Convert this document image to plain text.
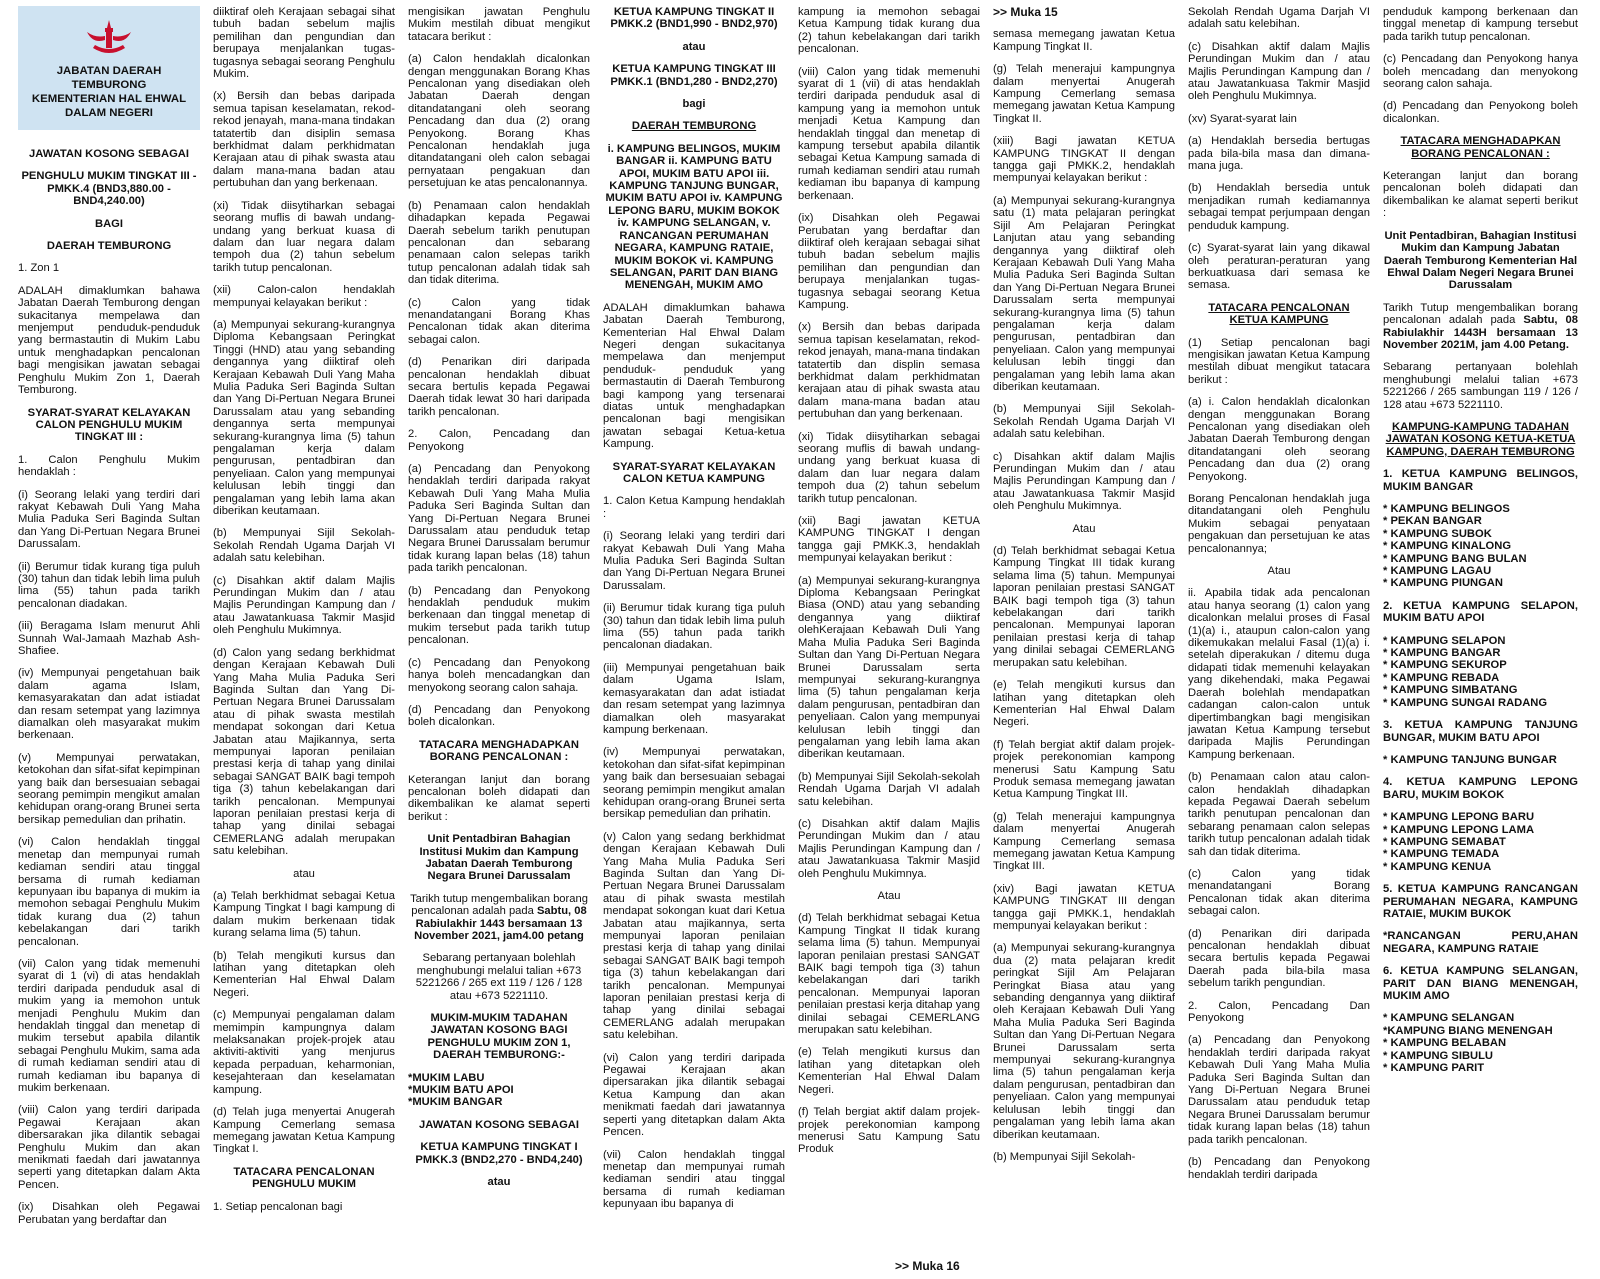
JABATAN DAERAH
TEMBURONG
KEMENTERIAN HAL EHWAL
DALAM NEGERI

JAWATAN KOSONG SEBAGAI

PENGHULU MUKIM TINGKAT III - PMKK.4 (BND3,880.00 - BND4,240.00)

BAGI

DAERAH TEMBURONG

1. Zon 1

ADALAH dimaklumkan bahawa Jabatan Daerah Temburong dengan sukacitanya mempelawa dan menjemput penduduk-penduduk yang bermastautin di Mukim Labu untuk menghadapkan pencalonan bagi mengisikan jawatan sebagai Penghulu Mukim Zon 1, Daerah Temburong.

SYARAT-SYARAT KELAYAKAN CALON PENGHULU MUKIM TINGKAT III :

1. Calon Penghulu Mukim hendaklah :

(i) Seorang lelaki yang terdiri dari rakyat Kebawah Duli Yang Maha Mulia Paduka Seri Baginda Sultan dan Yang Di-Pertuan Negara Brunei Darussalam.

(ii) Berumur tidak kurang tiga puluh (30) tahun dan tidak lebih lima puluh lima (55) tahun pada tarikh pencalonan diadakan.

(iii) Beragama Islam menurut Ahli Sunnah Wal-Jamaah Mazhab Ash-Shafiee.

(iv) Mempunyai pengetahuan baik dalam agama Islam, kemasyarakatan dan adat istiadat dan resam setempat yang lazimnya diamalkan oleh masyarakat mukim berkenaan.

(v) Mempunyai perwatakan, ketokohan dan sifat-sifat kepimpinan yang baik dan bersesuaian sebagai seorang pemimpin mengikut amalan kehidupan orang-orang Brunei serta bersikap pemedulian dan prihatin.

(vi) Calon hendaklah tinggal menetap dan mempunyai rumah kediaman sendiri atau tinggal bersama di rumah kediaman kepunyaan ibu bapanya di mukim ia memohon sebagai Penghulu Mukim tidak kurang dua (2) tahun kebelakangan dari tarikh pencalonan.

(vii) Calon yang tidak memenuhi syarat di 1 (vi) di atas hendaklah terdiri daripada penduduk asal di mukim yang ia memohon untuk menjadi Penghulu Mukim dan hendaklah tinggal dan menetap di mukim tersebut apabila dilantik sebagai Penghulu Mukim, sama ada di rumah kediaman sendiri atau di rumah kediaman ibu bapanya di mukim berkenaan.

(viii) Calon yang terdiri daripada Pegawai Kerajaan akan dibersarakan jika dilantik sebagai Penghulu Mukim dan akan menikmati faedah dari jawatannya seperti yang ditetapkan dalam Akta Pencen.

(ix) Disahkan oleh Pegawai Perubatan yang berdaftar dan

diiktiraf oleh Kerajaan sebagai sihat tubuh badan sebelum majlis pemilihan dan pengundian dan berupaya menjalankan tugas-tugasnya sebagai seorang Penghulu Mukim.

(x) Bersih dan bebas daripada semua tapisan keselamatan, rekod-rekod jenayah, mana-mana tindakan tatatertib dan disiplin semasa berkhidmat dalam perkhidmatan Kerajaan atau di pihak swasta atau dalam mana-mana badan atau pertubuhan dan yang berkenaan.

(xi) Tidak diisytiharkan sebagai seorang muflis di bawah undang-undang yang berkuat kuasa di dalam dan luar negara dalam tempoh dua (2) tahun sebelum tarikh tutup pencalonan.

(xii) Calon-calon hendaklah mempunyai kelayakan berikut :

(a) Mempunyai sekurang-kurangnya Diploma Kebangsaan Peringkat Tinggi (HND) atau yang sebanding dengannya yang diiktiraf oleh Kerajaan Kebawah Duli Yang Maha Mulia Paduka Seri Baginda Sultan dan Yang Di-Pertuan Negara Brunei Darussalam atau yang sebanding dengannya serta mempunyai sekurang-kurangnya lima (5) tahun pengalaman kerja dalam pengurusan, pentadbiran dan penyeliaan. Calon yang mempunyai kelulusan lebih tinggi dan pengalaman yang lebih lama akan diberikan keutamaan.

(b) Mempunyai Sijil Sekolah-Sekolah Rendah Ugama Darjah VI adalah satu kelebihan.

(c) Disahkan aktif dalam Majlis Perundingan Mukim dan / atau Majlis Perundingan Kampung dan / atau Jawatankuasa Takmir Masjid oleh Penghulu Mukimnya.

(d) Calon yang sedang berkhidmat dengan Kerajaan Kebawah Duli Yang Maha Mulia Paduka Seri Baginda Sultan dan Yang Di-Pertuan Negara Brunei Darussalam atau di pihak swasta mestilah mendapat sokongan dari Ketua Jabatan atau Majikannya, serta mempunyai laporan penilaian prestasi kerja di tahap yang dinilai sebagai SANGAT BAIK bagi tempoh tiga (3) tahun kebelakangan dari tarikh pencalonan. Mempunyai laporan penilaian prestasi kerja di tahap yang dinilai sebagai CEMERLANG adalah merupakan satu kelebihan.

atau

(a) Telah berkhidmat sebagai Ketua Kampung Tingkat I bagi kampung di dalam mukim berkenaan tidak kurang selama lima (5) tahun.

(b) Telah mengikuti kursus dan latihan yang ditetapkan oleh Kementerian Hal Ehwal Dalam Negeri.

(c) Mempunyai pengalaman dalam memimpin kampungnya dalam melaksanakan projek-projek atau aktiviti-aktiviti yang menjurus kepada perpaduan, keharmonian, kesejahteraan dan keselamatan kampung.

(d) Telah juga menyertai Anugerah Kampung Cemerlang semasa memegang jawatan Ketua Kampung Tingkat I.

TATACARA PENCALONAN PENGHULU MUKIM

1. Setiap pencalonan bagi

mengisikan jawatan Penghulu Mukim mestilah dibuat mengikut tatacara berikut :

(a) Calon hendaklah dicalonkan dengan menggunakan Borang Khas Pencalonan yang disediakan oleh Jabatan Daerah dengan ditandatangani oleh seorang Pencadang dan dua (2) orang Penyokong. Borang Khas Pencalonan hendaklah juga ditandatangani oleh calon sebagai pernyataan pengakuan dan persetujuan ke atas pencalonannya.

(b) Penamaan calon hendaklah dihadapkan kepada Pegawai Daerah sebelum tarikh penutupan pencalonan dan sebarang penamaan calon selepas tarikh tutup pencalonan adalah tidak sah dan tidak diterima.

(c) Calon yang tidak menandatangani Borang Khas Pencalonan tidak akan diterima sebagai calon.

(d) Penarikan diri daripada pencalonan hendaklah dibuat secara bertulis kepada Pegawai Daerah tidak lewat 30 hari daripada tarikh pencalonan.

2. Calon, Pencadang dan Penyokong

(a) Pencadang dan Penyokong hendaklah terdiri daripada rakyat Kebawah Duli Yang Maha Mulia Paduka Seri Baginda Sultan dan Yang Di-Pertuan Negara Brunei Darussalam atau penduduk tetap Negara Brunei Darussalam berumur tidak kurang lapan belas (18) tahun pada tarikh pencalonan.

(b) Pencadang dan Penyokong hendaklah penduduk mukim berkenaan dan tinggal menetap di mukim tersebut pada tarikh tutup pencalonan.

(c) Pencadang dan Penyokong hanya boleh mencadangkan dan menyokong seorang calon sahaja.

(d) Pencadang dan Penyokong boleh dicalonkan.

TATACARA MENGHADAPKAN BORANG PENCALONAN :

Keterangan lanjut dan borang pencalonan boleh didapati dan dikembalikan ke alamat seperti berikut :

Unit Pentadbiran Bahagian Institusi Mukim dan Kampung Jabatan Daerah Temburong Negara Brunei Darussalam

Tarikh tutup mengembalikan borang pencalonan adalah pada Sabtu, 08 Rabiulakhir 1443 bersamaan 13 November 2021, jam4.00 petang

Sebarang pertanyaan bolehlah menghubungi melalui talian +673 5221266 / 265 ext 119 / 126 / 128 atau +673 5221110.

MUKIM-MUKIM TADAHAN JAWATAN KOSONG BAGI PENGHULU MUKIM ZON 1, DAERAH TEMBURONG:-

*MUKIM LABU
*MUKIM BATU APOI
*MUKIM BANGAR

JAWATAN KOSONG SEBAGAI

KETUA KAMPUNG TINGKAT I PMKK.3 (BND2,270 - BND4,240)

atau

KETUA KAMPUNG TINGKAT II PMKK.2 (BND1,990 - BND2,970)

atau

KETUA KAMPUNG TINGKAT III PMKK.1 (BND1,280 - BND2,270)

bagi

DAERAH TEMBURONG

i. KAMPUNG BELINGOS, MUKIM BANGAR ii. KAMPUNG BATU APOI, MUKIM BATU APOI iii. KAMPUNG TANJUNG BUNGAR, MUKIM BATU APOI iv. KAMPUNG LEPONG BARU, MUKIM BOKOK iv. KAMPUNG SELANGAN, v. RANCANGAN PERUMAHAN NEGARA, KAMPUNG RATAIE, MUKIM BOKOK vi. KAMPUNG SELANGAN, PARIT DAN BIANG MENENGAH, MUKIM AMO

ADALAH dimaklumkan bahawa Jabatan Daerah Temburong, Kementerian Hal Ehwal Dalam Negeri dengan sukacitanya mempelawa dan menjemput penduduk- penduduk yang bermastautin di Daerah Temburong bagi kampong yang tersenarai diatas untuk menghadapkan pencalonan bagi mengisikan jawatan sebagai Ketua-ketua Kampung.

SYARAT-SYARAT KELAYAKAN CALON KETUA KAMPUNG

1. Calon Ketua Kampung hendaklah :

(i) Seorang lelaki yang terdiri dari rakyat Kebawah Duli Yang Maha Mulia Paduka Seri Baginda Sultan dan Yang Di-Pertuan Negara Brunei Darussalam.

(ii) Berumur tidak kurang tiga puluh (30) tahun dan tidak lebih lima puluh lima (55) tahun pada tarikh pencalonan diadakan.

(iii) Mempunyai pengetahuan baik dalam Ugama Islam, kemasyarakatan dan adat istiadat dan resam setempat yang lazimnya diamalkan oleh masyarakat kampung berkenaan.

(iv) Mempunyai perwatakan, ketokohan dan sifat-sifat kepimpinan yang baik dan bersesuaian sebagai seorang pemimpin mengikut amalan kehidupan orang-orang Brunei serta bersikap pemedulian dan prihatin.

(v) Calon yang sedang berkhidmat dengan Kerajaan Kebawah Duli Yang Maha Mulia Paduka Seri Baginda Sultan dan Yang Di-Pertuan Negara Brunei Darussalam atau di pihak swasta mestilah mendapat sokongan kuat dari Ketua Jabatan atau majikannya, serta mempunyai laporan penilaian prestasi kerja di tahap yang dinilai sebagai SANGAT BAIK bagi tempoh tiga (3) tahun kebelakangan dari tarikh pencalonan. Mempunyai laporan penilaian prestasi kerja di tahap yang dinilai sebagai CEMERLANG adalah merupakan satu kelebihan.

(vi) Calon yang terdiri daripada Pegawai Kerajaan akan dipersarakan jika dilantik sebagai Ketua Kampung dan akan menikmati faedah dari jawatannya seperti yang ditetapkan dalam Akta Pencen.

(vii) Calon hendaklah tinggal menetap dan mempunyai rumah kediaman sendiri atau tinggal bersama di rumah kediaman kepunyaan ibu bapanya di

kampung ia memohon sebagai Ketua Kampung tidak kurang dua (2) tahun kebelakangan dari tarikh pencalonan.

(viii) Calon yang tidak memenuhi syarat di 1 (vii) di atas hendaklah terdiri daripada penduduk asal di kampung yang ia memohon untuk menjadi Ketua Kampung dan hendaklah tinggal dan menetap di kampung tersebut apabila dilantik sebagai Ketua Kampung samada di rumah kediaman sendiri atau rumah kediaman ibu bapanya di kampung berkenaan.

(ix) Disahkan oleh Pegawai Perubatan yang berdaftar dan diiktiraf oleh kerajaan sebagai sihat tubuh badan sebelum majlis pemilihan dan pengundian dan berupaya menjalankan tugas-tugasnya sebagai seorang Ketua Kampung.

(x) Bersih dan bebas daripada semua tapisan keselamatan, rekod-rekod jenayah, mana-mana tindakan tatatertib dan displin semasa berkhidmat dalam perkhidmatan kerajaan atau di pihak swasta atau dalam mana-mana badan atau pertubuhan dan yang berkenaan.

(xi) Tidak diisytiharkan sebagai seorang muflis di bawah undang-undang yang berkuat kuasa di dalam dan luar negara dalam tempoh dua (2) tahun sebelum tarikh tutup pencalonan.

(xii) Bagi jawatan KETUA KAMPUNG TINGKAT I dengan tangga gaji PMKK.3, hendaklah mempunyai kelayakan berikut :

(a) Mempunyai sekurang-kurangnya Diploma Kebangsaan Peringkat Biasa (OND) atau yang sebanding dengannya yang diiktiraf olehKerajaan Kebawah Duli Yang Maha Mulia Paduka Seri Baginda Sultan dan Yang Di-Pertuan Negara Brunei Darussalam serta mempunyai sekurang-kurangnya lima (5) tahun pengalaman kerja dalam pengurusan, pentadbiran dan penyeliaan. Calon yang mempunyai kelulusan lebih tinggi dan pengalaman yang lebih lama akan diberikan keutamaan.

(b) Mempunyai Sijil Sekolah-sekolah Rendah Ugama Darjah VI adalah satu kelebihan.

(c) Disahkan aktif dalam Majlis Perundingan Mukim dan / atau Majlis Perundingan Kampung dan / atau Jawatankuasa Takmir Masjid oleh Penghulu Mukimnya.

Atau

(d) Telah berkhidmat sebagai Ketua Kampung Tingkat II tidak kurang selama lima (5) tahun. Mempunyai laporan penilaian prestasi SANGAT BAIK bagi tempoh tiga (3) tahun kebelakangan dari tarikh pencalonan. Mempunyai laporan penilaian prestasi kerja ditahap yang dinilai sebagai CEMERLANG merupakan satu kelebihan.

(e) Telah mengikuti kursus dan latihan yang ditetapkan oleh Kementerian Hal Ehwal Dalam Negeri.

(f) Telah bergiat aktif dalam projek-projek perekonomian kampong menerusi Satu Kampung Satu Produk

>> Muka 16

>> Muka 15

semasa memegang jawatan Ketua Kampung Tingkat II.

(g) Telah menerajui kampungnya dalam menyertai Anugerah Kampung Cemerlang semasa memegang jawatan Ketua Kampung Tingkat II.

(xiii) Bagi jawatan KETUA KAMPUNG TINGKAT II dengan tangga gaji PMKK.2, hendaklah mempunyai kelayakan berikut :

(a) Mempunyai sekurang-kurangnya satu (1) mata pelajaran peringkat Sijil Am Pelajaran Peringkat Lanjutan atau yang sebanding dengannya yang diiktiraf oleh Kerajaan Kebawah Duli Yang Maha Mulia Paduka Seri Baginda Sultan dan Yang Di-Pertuan Negara Brunei Darussalam serta mempunyai sekurang-kurangnya lima (5) tahun pengalaman kerja dalam pengurusan, pentadbiran dan penyeliaan. Calon yang mempunyai kelulusan lebih tinggi dan pengalaman yang lebih lama akan diberikan keutamaan.

(b) Mempunyai Sijil Sekolah-Sekolah Rendah Ugama Darjah VI adalah satu kelebihan.

c) Disahkan aktif dalam Majlis Perundingan Mukim dan / atau Majlis Perundingan Kampung dan / atau Jawatankuasa Takmir Masjid oleh Penghulu Mukimnya.

Atau

(d) Telah berkhidmat sebagai Ketua Kampung Tingkat III tidak kurang selama lima (5) tahun. Mempunyai laporan penilaian prestasi SANGAT BAIK bagi tempoh tiga (3) tahun kebelakangan dari tarikh pencalonan. Mempunyai laporan penilaian prestasi kerja di tahap yang dinilai sebagai CEMERLANG merupakan satu kelebihan.

(e) Telah mengikuti kursus dan latihan yang ditetapkan oleh Kementerian Hal Ehwal Dalam Negeri.

(f) Telah bergiat aktif dalam projek-projek perekonomian kampong menerusi Satu Kampung Satu Produk semasa memegang jawatan Ketua Kampung Tingkat III.

(g) Telah menerajui kampungnya dalam menyertai Anugerah Kampung Cemerlang semasa memegang jawatan Ketua Kampung Tingkat III.

(xiv) Bagi jawatan KETUA KAMPUNG TINGKAT III dengan tangga gaji PMKK.1, hendaklah mempunyai kelayakan berikut :

(a) Mempunyai sekurang-kurangnya dua (2) mata pelajaran kredit peringkat Sijil Am Pelajaran Peringkat Biasa atau yang sebanding dengannya yang diiktiraf oleh Kerajaan Kebawah Duli Yang Maha Mulia Paduka Seri Baginda Sultan dan Yang Di-Pertuan Negara Brunei Darussalam serta mempunyai sekurang-kurangnya lima (5) tahun pengalaman kerja dalam pengurusan, pentadbiran dan penyeliaan. Calon yang mempunyai kelulusan lebih tinggi dan pengalaman yang lebih lama akan diberikan keutamaan.

(b) Mempunyai Sijil Sekolah-

Sekolah Rendah Ugama Darjah VI adalah satu kelebihan.

(c) Disahkan aktif dalam Majlis Perundingan Mukim dan / atau Majlis Perundingan Kampung dan / atau Jawatankuasa Takmir Masjid oleh Penghulu Mukimnya.

(xv) Syarat-syarat lain

(a) Hendaklah bersedia bertugas pada bila-bila masa dan dimana-mana juga.

(b) Hendaklah bersedia untuk menjadikan rumah kediamannya sebagai tempat perjumpaan dengan penduduk kampung.

(c) Syarat-syarat lain yang dikawal oleh peraturan-peraturan yang berkuatkuasa dari semasa ke semasa.

TATACARA PENCALONAN KETUA KAMPUNG

(1) Setiap pencalonan bagi mengisikan jawatan Ketua Kampung mestilah dibuat mengikut tatacara berikut :

(a) i. Calon hendaklah dicalonkan dengan menggunakan Borang Pencalonan yang disediakan oleh Jabatan Daerah Temburong dengan ditandatangani oleh seorang Pencadang dan dua (2) orang Penyokong.

Borang Pencalonan hendaklah juga ditandatangani oleh Penghulu Mukim sebagai penyataan pengakuan dan persetujuan ke atas pencalonannya;

Atau

ii. Apabila tidak ada pencalonan atau hanya seorang (1) calon yang dicalonkan melalui proses di Fasal (1)(a) i., ataupun calon-calon yang dikemukakan melalui Fasal (1)(a) i. setelah diperakukan / ditemu duga didapati tidak memenuhi kelayakan yang dikehendaki, maka Pegawai Daerah bolehlah mendapatkan cadangan calon-calon untuk dipertimbangkan bagi mengisikan jawatan Ketua Kampung tersebut daripada Majlis Perundingan Kampung berkenaan.

(b) Penamaan calon atau calon-calon hendaklah dihadapkan kepada Pegawai Daerah sebelum tarikh penutupan pencalonan dan sebarang penamaan calon selepas tarikh tutup pencalonan adalah tidak sah dan tidak diterima.

(c) Calon yang tidak menandatangani Borang Pencalonan tidak akan diterima sebagai calon.

(d) Penarikan diri daripada pencalonan hendaklah dibuat secara bertulis kepada Pegawai Daerah pada bila-bila masa sebelum tarikh pengundian.

2. Calon, Pencadang Dan Penyokong

(a) Pencadang dan Penyokong hendaklah terdiri daripada rakyat Kebawah Duli Yang Maha Mulia Paduka Seri Baginda Sultan dan Yang Di-Pertuan Negara Brunei Darussalam atau penduduk tetap Negara Brunei Darussalam berumur tidak kurang lapan belas (18) tahun pada tarikh pencalonan.

(b) Pencadang dan Penyokong hendaklah terdiri daripada

penduduk kampong berkenaan dan tinggal menetap di kampung tersebut pada tarikh tutup pencalonan.

(c) Pencadang dan Penyokong hanya boleh mencadang dan menyokong seorang calon sahaja.

(d) Pencadang dan Penyokong boleh dicalonkan.

TATACARA MENGHADAPKAN BORANG PENCALONAN :

Keterangan lanjut dan borang pencalonan boleh didapati dan dikembalikan ke alamat seperti berikut :

Unit Pentadbiran, Bahagian Institusi Mukim dan Kampung Jabatan Daerah Temburong Kementerian Hal Ehwal Dalam Negeri Negara Brunei Darussalam

Tarikh Tutup mengembalikan borang pencalonan adalah pada Sabtu, 08 Rabiulakhir 1443H bersamaan 13 November 2021M, jam 4.00 Petang.

Sebarang pertanyaan bolehlah menghubungi melalui talian +673 5221266 / 265 sambungan 119 / 126 / 128 atau +673 5221110.

KAMPUNG-KAMPUNG TADAHAN JAWATAN KOSONG KETUA-KETUA KAMPUNG, DAERAH TEMBURONG

1. KETUA KAMPUNG BELINGOS, MUKIM BANGAR

* KAMPUNG BELINGOS
* PEKAN BANGAR
* KAMPUNG SUBOK
* KAMPUNG KINALONG
* KAMPUNG BANG BULAN
* KAMPUNG LAGAU
* KAMPUNG PIUNGAN

2. KETUA KAMPUNG SELAPON, MUKIM BATU APOI

* KAMPUNG SELAPON
* KAMPUNG BANGAR
* KAMPUNG SEKUROP
* KAMPUNG REBADA
* KAMPUNG SIMBATANG
* KAMPUNG SUNGAI RADANG

3. KETUA KAMPUNG TANJUNG BUNGAR, MUKIM BATU APOI

* KAMPUNG TANJUNG BUNGAR

4. KETUA KAMPUNG LEPONG BARU, MUKIM BOKOK

* KAMPUNG LEPONG BARU
* KAMPUNG LEPONG LAMA
* KAMPUNG SEMABAT
* KAMPUNG TEMADA
* KAMPUNG KENUA

5. KETUA KAMPUNG RANCANGAN PERUMAHAN NEGARA, KAMPUNG RATAIE, MUKIM BUKOK

*RANCANGAN PERU,AHAN NEGARA, KAMPUNG RATAIE

6. KETUA KAMPUNG SELANGAN, PARIT DAN BIANG MENENGAH, MUKIM AMO

* KAMPUNG SELANGAN
*KAMPUNG BIANG MENENGAH
* KAMPUNG BELABAN
* KAMPUNG SIBULU
* KAMPUNG PARIT
